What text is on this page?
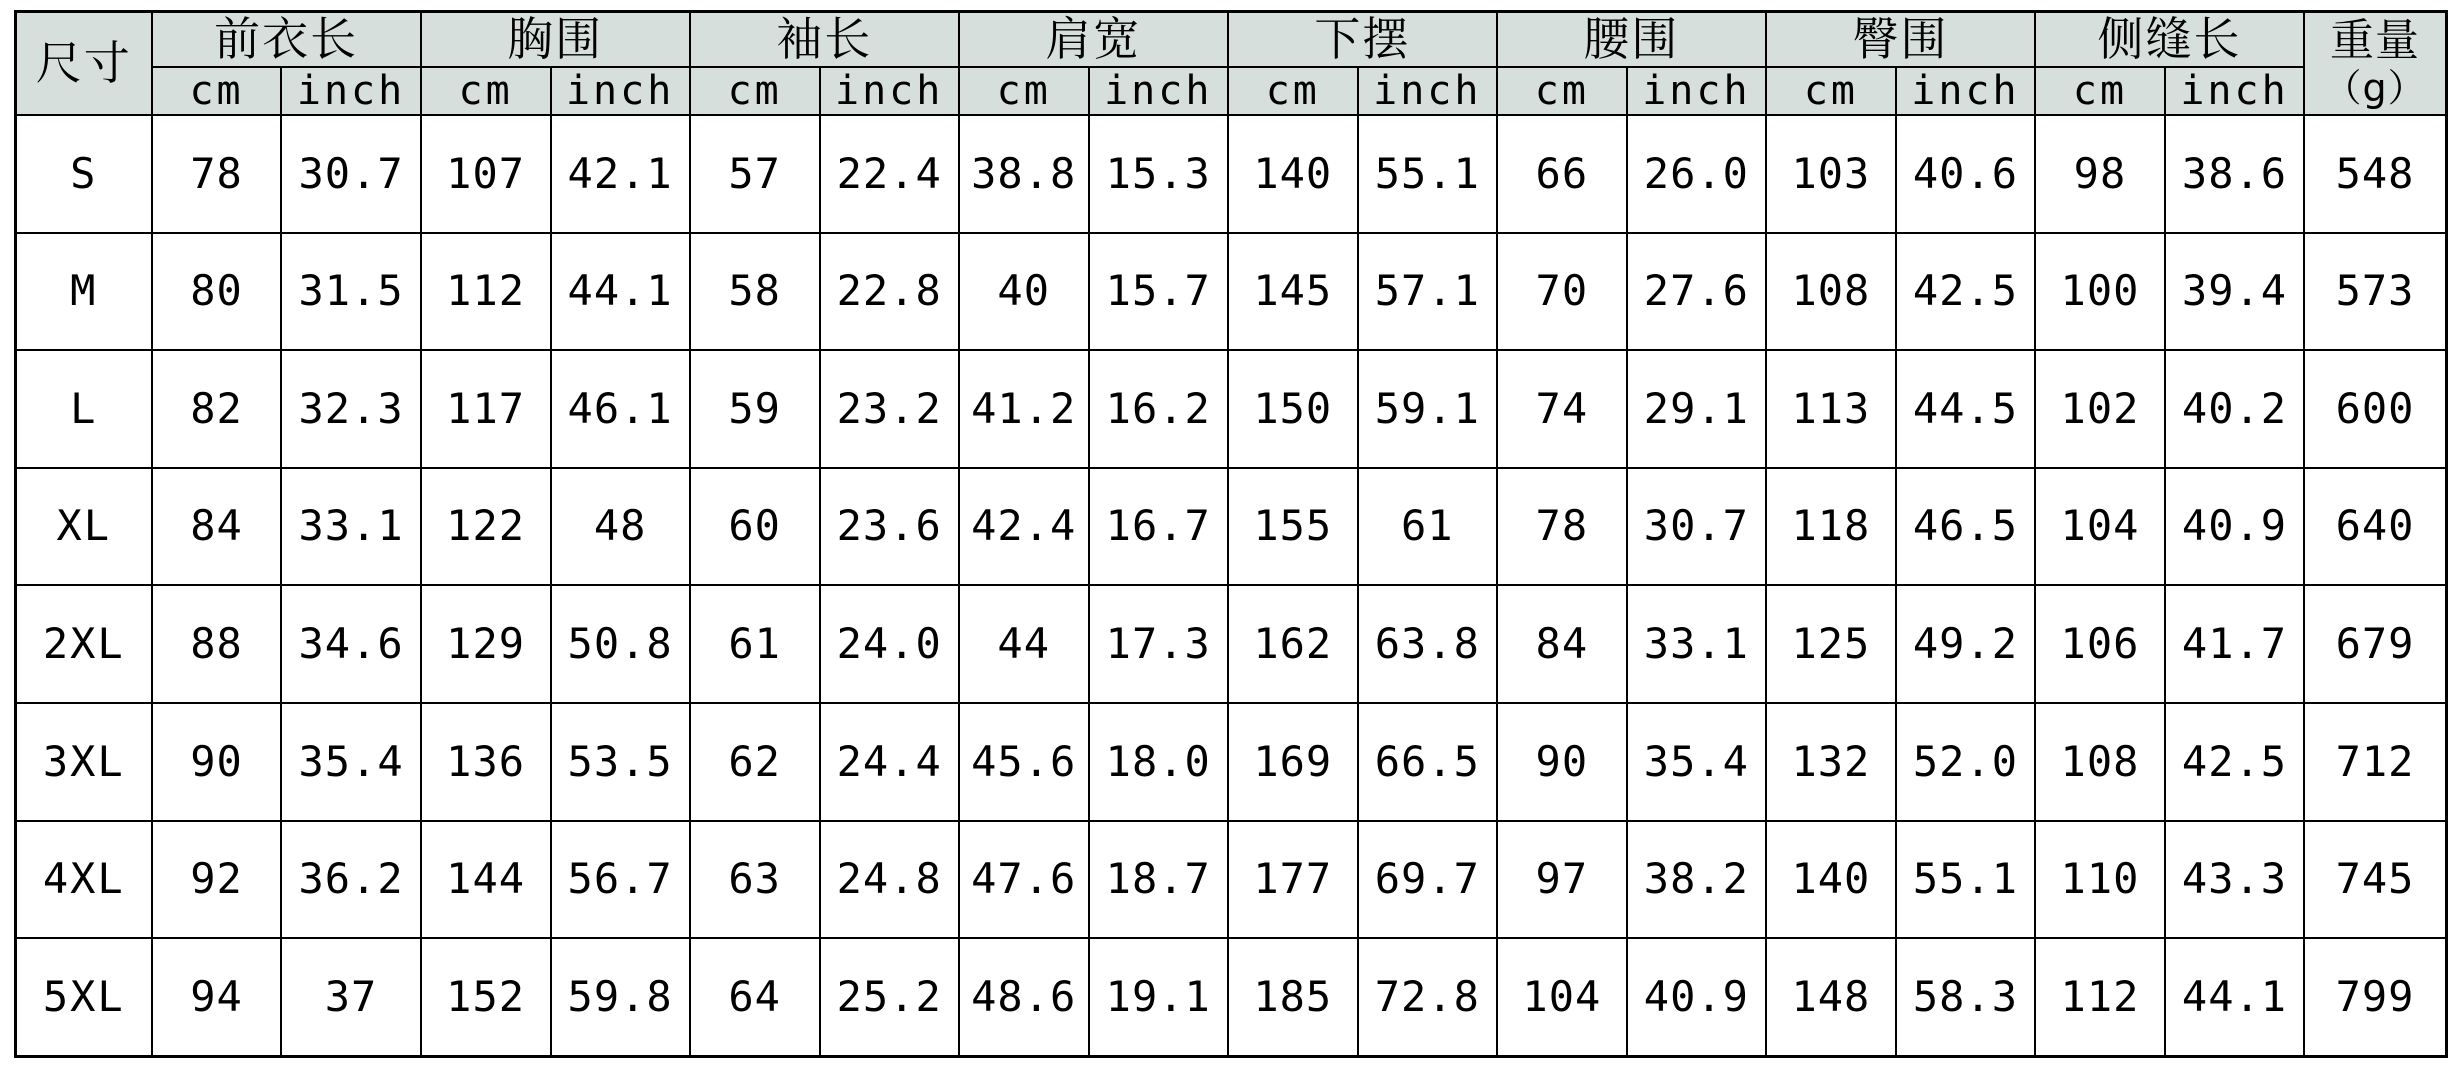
尺寸	前衣长		胸围		袖长		肩宽		下摆		腰围		臀围		侧缝长		重量
（g）

	cm	inch	cm	inch	cm	inch	cm	inch	cm	inch	cm	inch	cm	inch	cm	inch	
S	78	30.7	107	42.1	57	22.4	38.8	15.3	140	55.1	66	26.0	103	40.6	98	38.6	548
M	80	31.5	112	44.1	58	22.8	40	15.7	145	57.1	70	27.6	108	42.5	100	39.4	573
L	82	32.3	117	46.1	59	23.2	41.2	16.2	150	59.1	74	29.1	113	44.5	102	40.2	600
XL	84	33.1	122	48	60	23.6	42.4	16.7	155	61	78	30.7	118	46.5	104	40.9	640
2XL	88	34.6	129	50.8	61	24.0	44	17.3	162	63.8	84	33.1	125	49.2	106	41.7	679
3XL	90	35.4	136	53.5	62	24.4	45.6	18.0	169	66.5	90	35.4	132	52.0	108	42.5	712
4XL	92	36.2	144	56.7	63	24.8	47.6	18.7	177	69.7	97	38.2	140	55.1	110	43.3	745
5XL	94	37	152	59.8	64	25.2	48.6	19.1	185	72.8	104	40.9	148	58.3	112	44.1	799
